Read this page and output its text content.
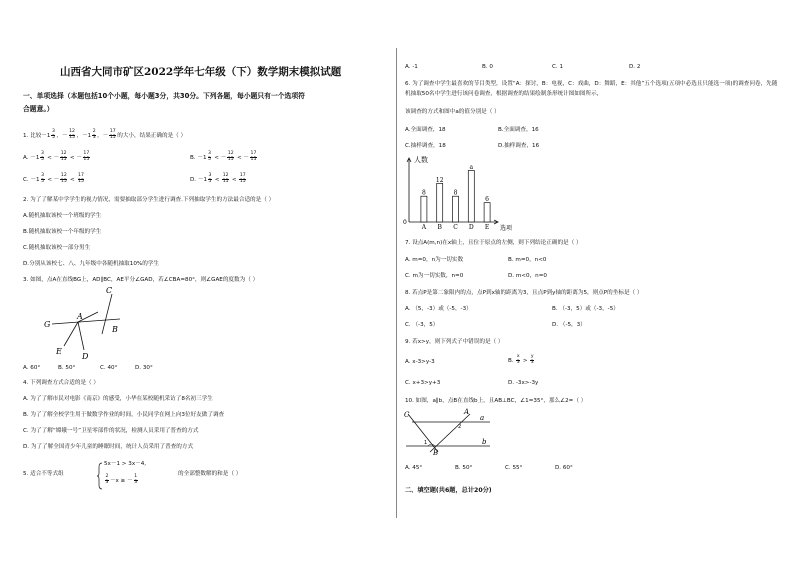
山西省大同市矿区2022学年七年级（下）数学期末模拟试题
一、单项选择（本题包括10个小题，每小题3分，共30分。下列各题，每小题只有一个选项符
合题意。）
1. 比较$-1 \frac{3}{5}$ ，－ $\frac{12}{15}$ ，$-1 \frac{2}{3}$ ，－ $\frac{17}{15}$ 的大小，结果正确的是（ ）
A. $-1 \frac{3}{5}$ < － $\frac{12}{15}$ < － $\frac{17}{15}$	B. $-1 \frac{3}{5}$ < － $\frac{12}{15}$ < － $\frac{17}{15}$
C. $-1 \frac{3}{5}$ < － $\frac{12}{15} < \frac{17}{15}$	D. $-1 \frac{3}{5} < \frac{12}{15} < \frac{17}{15}$
2. 为了了解某中学学生的视力情况，需要抽取部分学生进行调查.下列抽取学生的方法最合适的是（ ）
A.随机抽取该校一个班级的学生
B.随机抽取该校一个年级的学生
C.随机抽取该校一部分男生
D.分别从该校七、八、九年级中各随机抽取10%的学生
3. 如图，点A在直线BG上，AD∥BC，AE平分∠GAD，若∠CBA=80°，则∠GAE的度数为（ ）
C
A
B
G
E
D
A. 60°	B. 50°	C. 40°	D. 30°
4. 下列调查方式合适的是（ ）
A. 为了了解市民对电影《南京》的感受，小华在某校随机采访了8名初三学生
B. 为了了解全校学生用于做数学作业的时间，小民同学在网上向3位好友做了调查
C. 为了了解“嫦娥一号”卫星零部件的状况，检测人员采用了普查的方式
D. 为了了解全国青少年儿童的睡眠时间，统计人员采用了普查的方式
5. 适合不等式组
5x－1 > 3x－4,
$\frac{2}{3} -x$ ≥ － $\frac{1}{3}$
的全部整数解的和是（ ）
A. -1	B. 0	C. 1	D. 2
6. 为了调查中学生最喜欢的节目类型，设置“A：探讨，B：电视，C：戏曲，D：舞蹈，E：其他”五个选项(五项中必选且只能选一项)的调查问卷，先随机抽取50名中学生进行该问卷调查，根据调查的结果绘制条形统计图如图所示，
该调查的方式和图中a的值分别是（ ）
A.全面调查，18	B.全面调查，16
C.抽样调查，18	D.抽样调查，16
8
A
12
B
8
C
a
D
6
E
人数
选项
0
7. 设点A(m,n)在x轴上，且位于原点的左侧，则下列结论正确的是（ ）
A. m=0，n为一切实数	B. m=0，n<0
C. m为一切实数，n=0	D. m<0，n=0
8. 若点P是第二象限内的点，点P到x轴的距离为3，且点P到y轴的距离为5，则点P的坐标是（ ）
A. （5，-3）或（-5，-3）	B. （-3，5）或（-3，-5）
C. （-3，5）	D. （-5，3）
9. 若x>y，则下列式子中错误的是（ ）
A. x-3>y-3	B. $\frac{x}{3} > \frac{y}{3}$
C. x+3>y+3	D. -3x>-3y
10. 如图，a∥b，点B在直线b上，且AB⊥BC，∠1=35°，那么∠2=（ ）
C	A
a
2
1	b
B
A. 45°	B. 50°	C. 55°	D. 60°
二、填空题(共6题，总计20分)
